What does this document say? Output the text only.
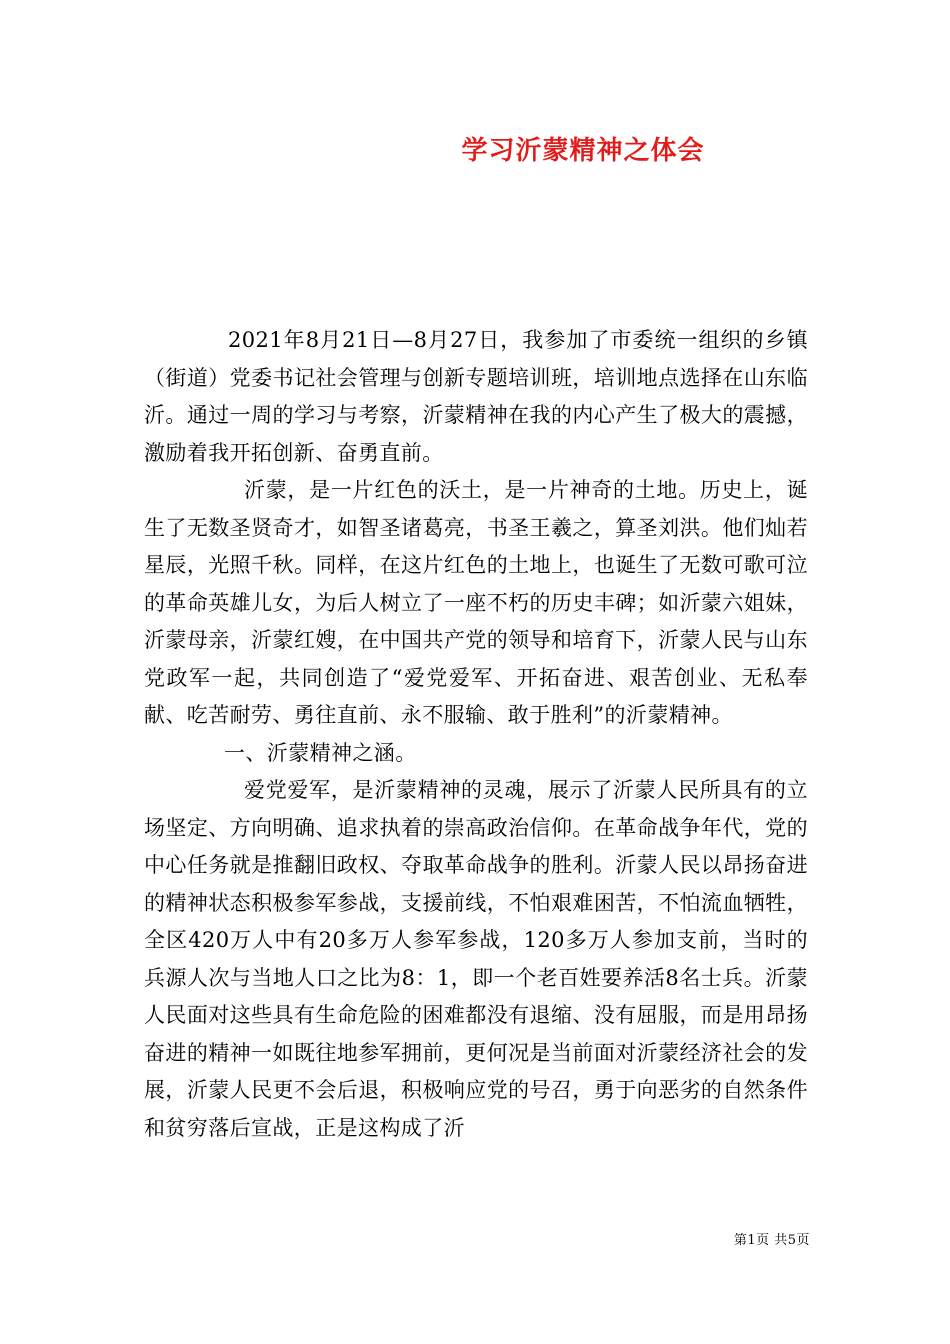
学习沂蒙精神之体会

2021年8月21日—8月27日，我参加了市委统一组织的乡镇（街道）党委书记社会管理与创新专题培训班，培训地点选择在山东临沂。通过一周的学习与考察，沂蒙精神在我的内心产生了极大的震撼，激励着我开拓创新、奋勇直前。

沂蒙，是一片红色的沃土，是一片神奇的土地。历史上，诞生了无数圣贤奇才，如智圣诸葛亮，书圣王羲之，算圣刘洪。他们灿若星辰，光照千秋。同样，在这片红色的土地上，也诞生了无数可歌可泣的革命英雄儿女，为后人树立了一座不朽的历史丰碑；如沂蒙六姐妹，沂蒙母亲，沂蒙红嫂，在中国共产党的领导和培育下，沂蒙人民与山东党政军一起，共同创造了“爱党爱军、开拓奋进、艰苦创业、无私奉献、吃苦耐劳、勇往直前、永不服输、敢于胜利”的沂蒙精神。

一、沂蒙精神之涵。

爱党爱军，是沂蒙精神的灵魂，展示了沂蒙人民所具有的立场坚定、方向明确、追求执着的崇高政治信仰。在革命战争年代，党的中心任务就是推翻旧政权、夺取革命战争的胜利。沂蒙人民以昂扬奋进的精神状态积极参军参战，支援前线，不怕艰难困苦，不怕流血牺牲，全区420万人中有20多万人参军参战，120多万人参加支前，当时的兵源人次与当地人口之比为8：1，即一个老百姓要养活8名士兵。沂蒙人民面对这些具有生命危险的困难都没有退缩、没有屈服，而是用昂扬奋进的精神一如既往地参军拥前，更何况是当前面对沂蒙经济社会的发展，沂蒙人民更不会后退，积极响应党的号召，勇于向恶劣的自然条件和贫穷落后宣战，正是这构成了沂

第1页 共5页
